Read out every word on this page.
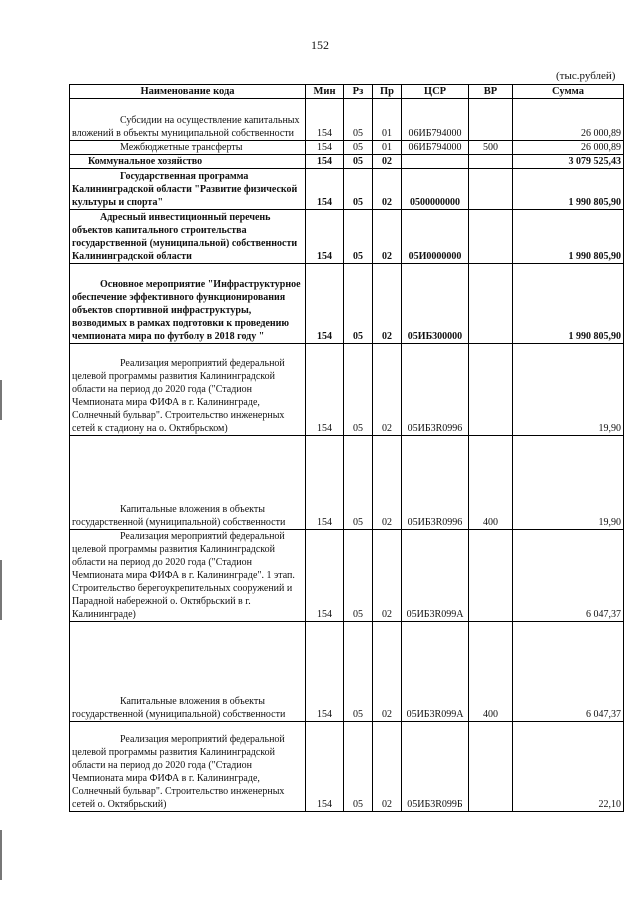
152
(тыс.рублей)
Наименование кода	Мин	Рз	Пр	ЦСР	ВР	Сумма

Субсидии на осуществление капитальных вложений в объекты муниципальной собственности	154	05	01	06ИБ794000		26 000,89

Межбюджетные трансферты	154	05	01	06ИБ794000	500	26 000,89

Коммунальное хозяйство	154	05	02			3 079 525,43

Государственная программа Калининградской области "Развитие физической культуры и спорта"	154	05	02	0500000000		1 990 805,90

Адресный инвестиционный перечень объектов капитального строительства государственной (муниципальной) собственности Калининградской области	154	05	02	05И0000000		1 990 805,90

Основное мероприятие "Инфраструктурное обеспечение эффективного функционирования объектов спортивной инфраструктуры, возводимых в рамках подготовки к проведению чемпионата мира по футболу в 2018 году "	154	05	02	05ИБ300000		1 990 805,90

Реализация мероприятий федеральной целевой программы развития Калининградской области на период до 2020 года ("Стадион Чемпионата мира ФИФА в г. Калининграде, Солнечный бульвар". Строительство инженерных сетей к стадиону на о. Октябрьском)	154	05	02	05ИБ3R0996		19,90

Капитальные вложения в объекты государственной (муниципальной) собственности	154	05	02	05ИБ3R0996	400	19,90

Реализация мероприятий федеральной целевой программы развития Калининградской области на период до 2020 года ("Стадион Чемпионата мира ФИФА в г. Калининграде". 1 этап. Строительство берегоукрепительных сооружений и Парадной набережной о. Октябрьский в г. Калининграде)	154	05	02	05ИБ3R099А		6 047,37

Капитальные вложения в объекты государственной (муниципальной) собственности	154	05	02	05ИБ3R099А	400	6 047,37

Реализация мероприятий федеральной целевой программы развития Калининградской области на период до 2020 года ("Стадион Чемпионата мира ФИФА в г. Калининграде, Солнечный бульвар". Строительство инженерных сетей о. Октябрьский)	154	05	02	05ИБ3R099Б		22,10
